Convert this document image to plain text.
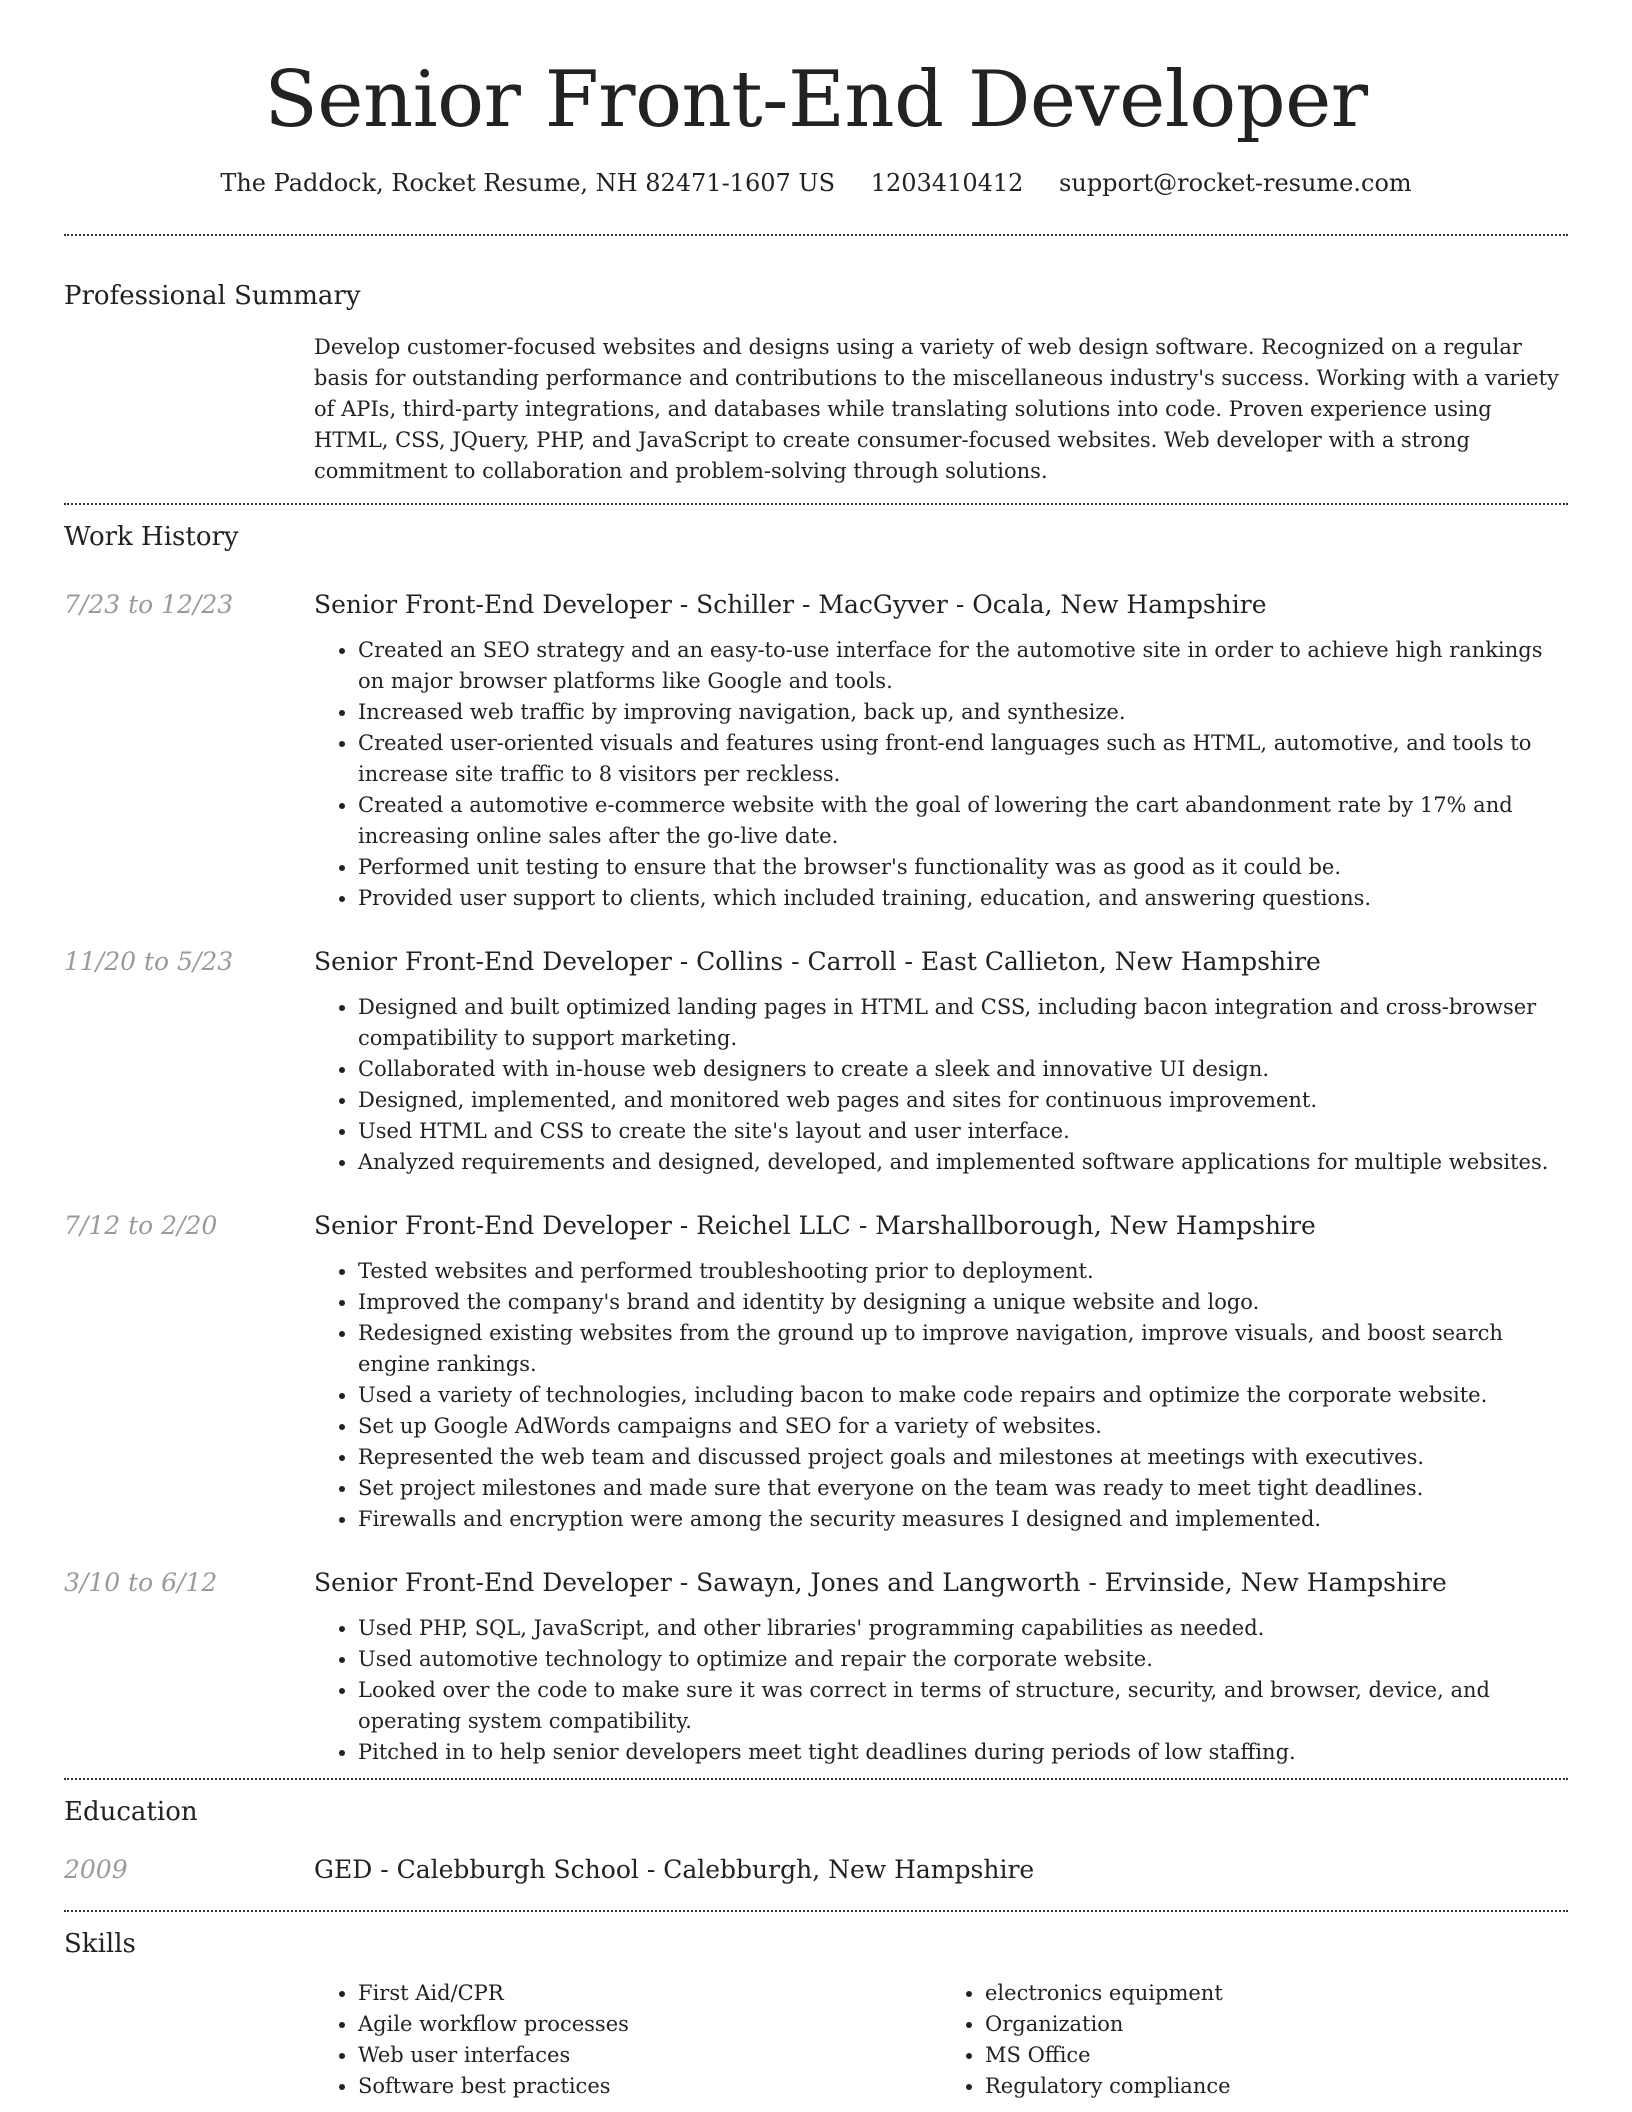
Senior Front-End Developer
The Paddock, Rocket Resume, NH 82471-1607 US 1203410412 support@rocket-resume.com
Professional Summary
Develop customer-focused websites and designs using a variety of web design software. Recognized on a regular basis for outstanding performance and contributions to the miscellaneous industry's success. Working with a variety of APIs, third-party integrations, and databases while translating solutions into code. Proven experience using HTML, CSS, JQuery, PHP, and JavaScript to create consumer-focused websites. Web developer with a strong commitment to collaboration and problem-solving through solutions.
Work History
7/23 to 12/23	Senior Front-End Developer - Schiller - MacGyver - Ocala, New Hampshire
• Created an SEO strategy and an easy-to-use interface for the automotive site in order to achieve high rankings on major browser platforms like Google and tools.
• Increased web traffic by improving navigation, back up, and synthesize.
• Created user-oriented visuals and features using front-end languages such as HTML, automotive, and tools to increase site traffic to 8 visitors per reckless.
• Created a automotive e-commerce website with the goal of lowering the cart abandonment rate by 17% and increasing online sales after the go-live date.
• Performed unit testing to ensure that the browser's functionality was as good as it could be.
• Provided user support to clients, which included training, education, and answering questions.
11/20 to 5/23	Senior Front-End Developer - Collins - Carroll - East Callieton, New Hampshire
• Designed and built optimized landing pages in HTML and CSS, including bacon integration and cross-browser compatibility to support marketing.
• Collaborated with in-house web designers to create a sleek and innovative UI design.
• Designed, implemented, and monitored web pages and sites for continuous improvement.
• Used HTML and CSS to create the site's layout and user interface.
• Analyzed requirements and designed, developed, and implemented software applications for multiple websites.
7/12 to 2/20	Senior Front-End Developer - Reichel LLC - Marshallborough, New Hampshire
• Tested websites and performed troubleshooting prior to deployment.
• Improved the company's brand and identity by designing a unique website and logo.
• Redesigned existing websites from the ground up to improve navigation, improve visuals, and boost search engine rankings.
• Used a variety of technologies, including bacon to make code repairs and optimize the corporate website.
• Set up Google AdWords campaigns and SEO for a variety of websites.
• Represented the web team and discussed project goals and milestones at meetings with executives.
• Set project milestones and made sure that everyone on the team was ready to meet tight deadlines.
• Firewalls and encryption were among the security measures I designed and implemented.
3/10 to 6/12	Senior Front-End Developer - Sawayn, Jones and Langworth - Ervinside, New Hampshire
• Used PHP, SQL, JavaScript, and other libraries' programming capabilities as needed.
• Used automotive technology to optimize and repair the corporate website.
• Looked over the code to make sure it was correct in terms of structure, security, and browser, device, and operating system compatibility.
• Pitched in to help senior developers meet tight deadlines during periods of low staffing.
Education
2009	GED - Calebburgh School - Calebburgh, New Hampshire
Skills
• First Aid/CPR
• Agile workflow processes
• Web user interfaces
• Software best practices
• electronics equipment
• Organization
• MS Office
• Regulatory compliance
